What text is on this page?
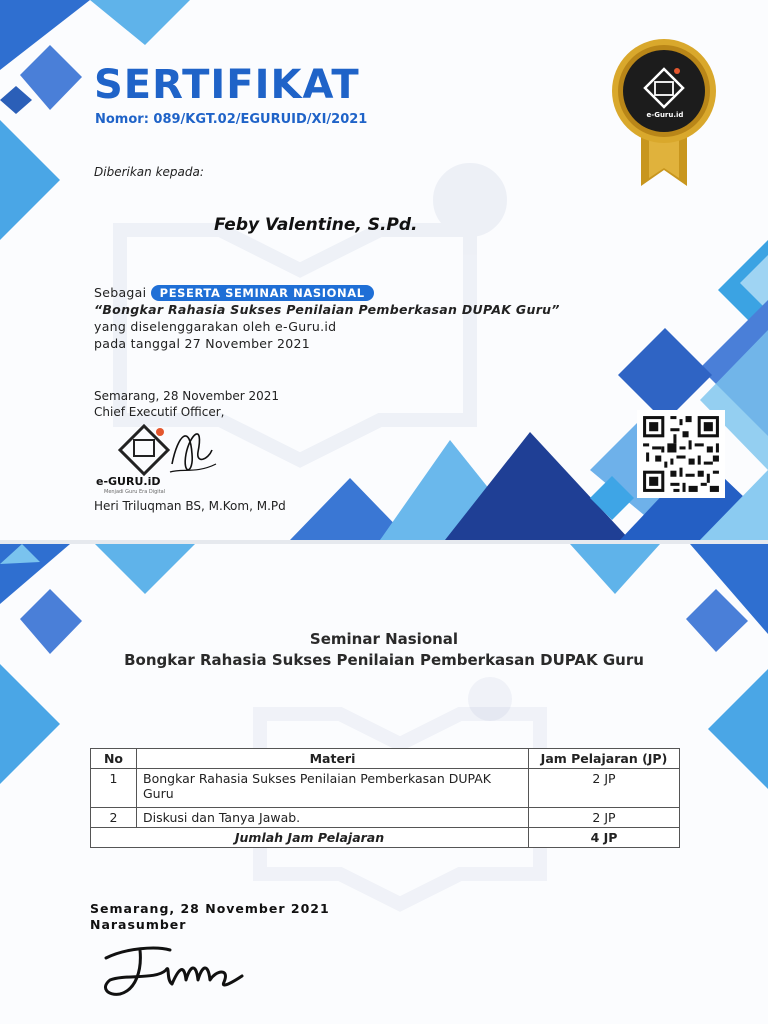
SERTIFIKAT
Nomor: 089/KGT.02/EGURUID/XI/2021
Diberikan kepada:
Feby Valentine, S.Pd.
Sebagai PESERTA SEMINAR NASIONAL
“Bongkar Rahasia Sukses Penilaian Pemberkasan DUPAK Guru”
yang diselenggarakan oleh e-Guru.id
pada tanggal 27 November 2021
Semarang, 28 November 2021
Chief Executif Officer,
e-GURU.iD
Menjadi Guru Era Digital
Heri Triluqman BS, M.Kom, M.Pd
e-Guru.id
Seminar Nasional
Bongkar Rahasia Sukses Penilaian Pemberkasan DUPAK Guru
No	Materi	Jam Pelajaran (JP)
1	Bongkar Rahasia Sukses Penilaian Pemberkasan DUPAK Guru	2 JP
2	Diskusi dan Tanya Jawab.	2 JP
Jumlah Jam Pelajaran		4 JP
Semarang, 28 November 2021
Narasumber
